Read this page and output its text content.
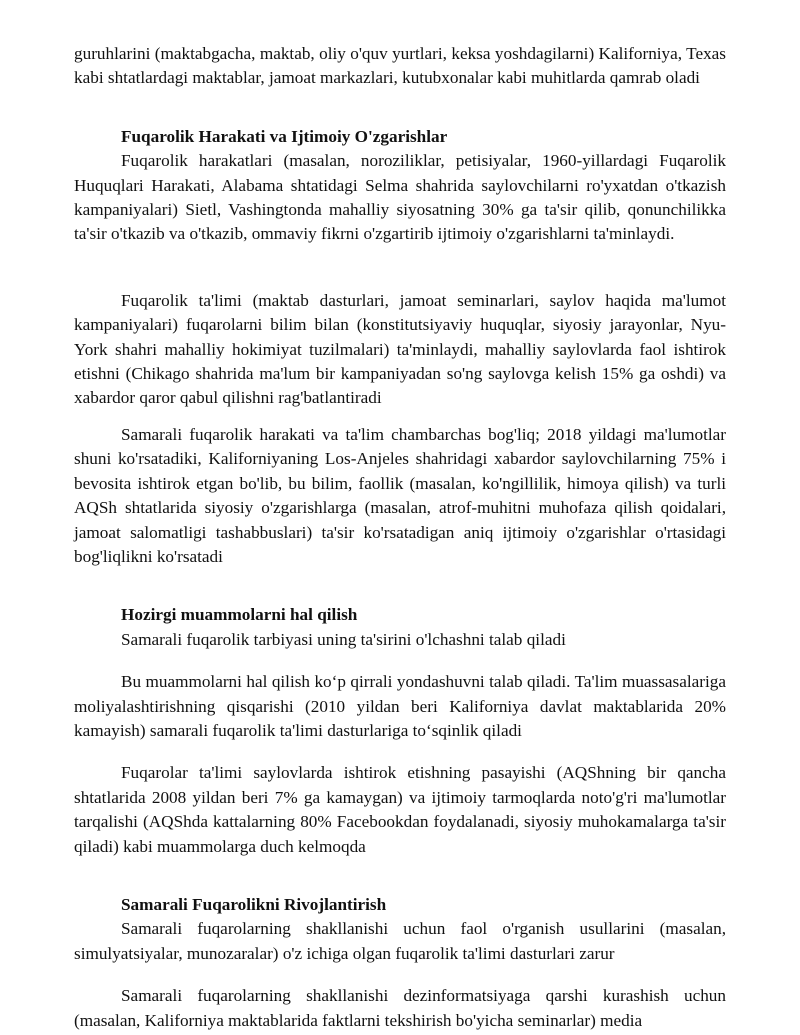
guruhlarini (maktabgacha, maktab, oliy o'quv yurtlari, keksa yoshdagilarni) Kaliforniya, Texas kabi shtatlardagi maktablar, jamoat markazlari, kutubxonalar kabi muhitlarda qamrab oladi

Fuqarolik Harakati va Ijtimoiy O'zgarishlar

Fuqarolik harakatlari (masalan, noroziliklar, petisiyalar, 1960-yillardagi Fuqarolik Huquqlari Harakati, Alabama shtatidagi Selma shahrida saylovchilarni ro'yxatdan o'tkazish kampaniyalari) Sietl, Vashingtonda mahalliy siyosatning 30% ga ta'sir qilib, qonunchilikka ta'sir o'tkazib va o'tkazib, ommaviy fikrni o'zgartirib ijtimoiy o'zgarishlarni ta'minlaydi.

Fuqarolik ta'limi (maktab dasturlari, jamoat seminarlari, saylov haqida ma'lumot kampaniyalari) fuqarolarni bilim bilan (konstitutsiyaviy huquqlar, siyosiy jarayonlar, Nyu-York shahri mahalliy hokimiyat tuzilmalari) ta'minlaydi, mahalliy saylovlarda faol ishtirok etishni (Chikago shahrida ma'lum bir kampaniyadan so'ng saylovga kelish 15% ga oshdi) va xabardor qaror qabul qilishni rag'batlantiradi

Samarali fuqarolik harakati va ta'lim chambarchas bog'liq; 2018 yildagi ma'lumotlar shuni ko'rsatadiki, Kaliforniyaning Los-Anjeles shahridagi xabardor saylovchilarning 75% i bevosita ishtirok etgan bo'lib, bu bilim, faollik (masalan, ko'ngillilik, himoya qilish) va turli AQSh shtatlarida siyosiy o'zgarishlarga (masalan, atrof-muhitni muhofaza qilish qoidalari, jamoat salomatligi tashabbuslari) ta'sir ko'rsatadigan aniq ijtimoiy o'zgarishlar o'rtasidagi bog'liqlikni ko'rsatadi

Hozirgi muammolarni hal qilish

Samarali fuqarolik tarbiyasi uning ta'sirini o'lchashni talab qiladi

Bu muammolarni hal qilish ko‘p qirrali yondashuvni talab qiladi. Ta'lim muassasalariga moliyalashtirishning qisqarishi (2010 yildan beri Kaliforniya davlat maktablarida 20% kamayish) samarali fuqarolik ta'limi dasturlariga to‘sqinlik qiladi

Fuqarolar ta'limi saylovlarda ishtirok etishning pasayishi (AQShning bir qancha shtatlarida 2008 yildan beri 7% ga kamaygan) va ijtimoiy tarmoqlarda noto'g'ri ma'lumotlar tarqalishi (AQShda kattalarning 80% Facebookdan foydalanadi, siyosiy muhokamalarga ta'sir qiladi) kabi muammolarga duch kelmoqda

Samarali Fuqarolikni Rivojlantirish

Samarali fuqarolarning shakllanishi uchun faol o'rganish usullarini (masalan, simulyatsiyalar, munozaralar) o'z ichiga olgan fuqarolik ta'limi dasturlari zarur

Samarali fuqarolarning shakllanishi dezinformatsiyaga qarshi kurashish uchun (masalan, Kaliforniya maktablarida faktlarni tekshirish bo'yicha seminarlar) media
